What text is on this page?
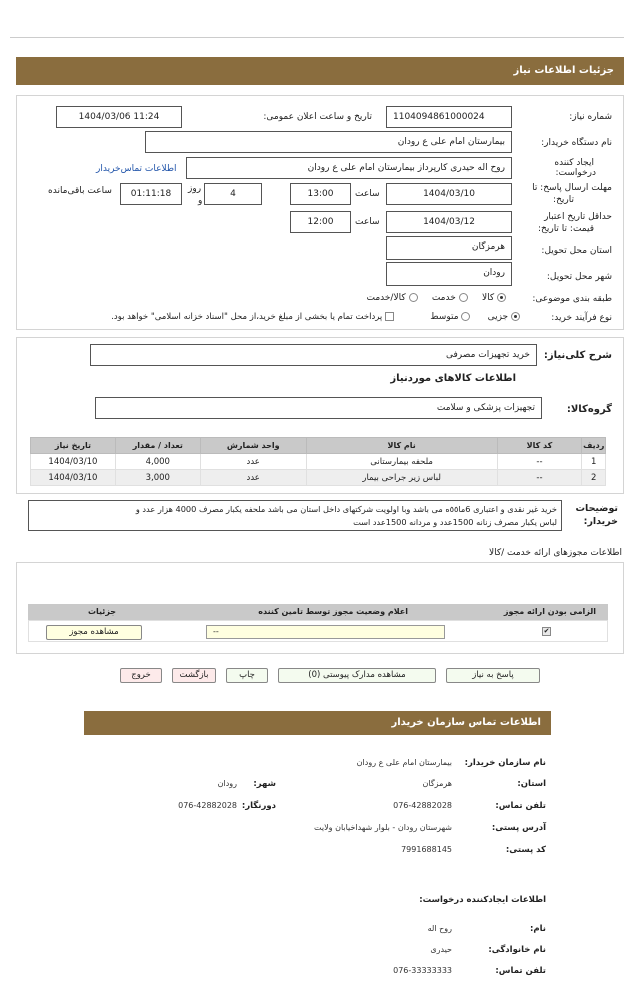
جزئیات اطلاعات نیاز
شماره نیاز:
1104094861000024
تاریخ و ساعت اعلان عمومی:
1404/03/06 11:24
نام دستگاه خریدار:
بیمارستان امام علی ع رودان
ایجاد کننده
درخواست:
روح اله حیدری کارپرداز بیمارستان امام علی ع رودان
اطلاعات تماس‌خریدار
مهلت ارسال پاسخ: تا
تاریخ:
1404/03/10
ساعت
13:00
4
روز
و
01:11:18
ساعت باقی‌مانده
حداقل تاریخ اعتبار
قیمت: تا تاریخ:
1404/03/12
ساعت
12:00
استان محل تحویل:
هرمزگان
شهر محل تحویل:
رودان
طبقه بندی موضوعی:
کالا      خدمت      کالا/خدمت
نوع فرآیند خرید:
جزیی       متوسط
پرداخت تمام یا بخشی از مبلغ خرید،از محل "اسناد خزانه اسلامی" خواهد بود.
شرح کلی‌نیاز:
خرید تجهیزات مصرفی
اطلاعات کالاهای موردنیاز
گروه‌کالا:
تجهیزات پزشکی و سلامت
ردیف	کد کالا	نام کالا	واحد شمارش	تعداد / مقدار	تاریخ نیاز
1	--	ملحفه بیمارستانی	عدد	4,000	1404/03/10
2	--	لباس زیر جراحی بیمار	عدد	3,000	1404/03/10
توضیحات
خریدار:
خرید غیر نقدی و اعتباری 6ما٥٥ه می باشد وبا اولویت شرکتهای داخل استان می باشد ملحفه یکبار مصرف 4000 هزار عدد و
لباس یکبار مصرف زنانه 1500عدد و مردانه 1500عدد است
اطلاعات مجوزهای ارائه خدمت /کالا
الزامی بودن ارائه مجوز
اعلام وضعیت مجوز توسط تامین کننده
جزئیات
✔
--
مشاهده مجوز
پاسخ به نیاز
مشاهده مدارک پیوستی (0)
چاپ
بازگشت
خروج
اطلاعات تماس سازمان خریدار
نام سازمان خریدار:
بیمارستان امام علی ع رودان
استان:
هرمزگان
شهر:
رودان
تلفن تماس:
076-42882028
دورنگار:
076-42882028
آدرس پستی:
شهرستان رودان - بلوار شهداخیابان ولایت
کد پستی:
7991688145
اطلاعات ایجادکننده درخواست:
نام:
روح اله
نام خانوادگی:
حیدری
تلفن تماس:
076-33333333
